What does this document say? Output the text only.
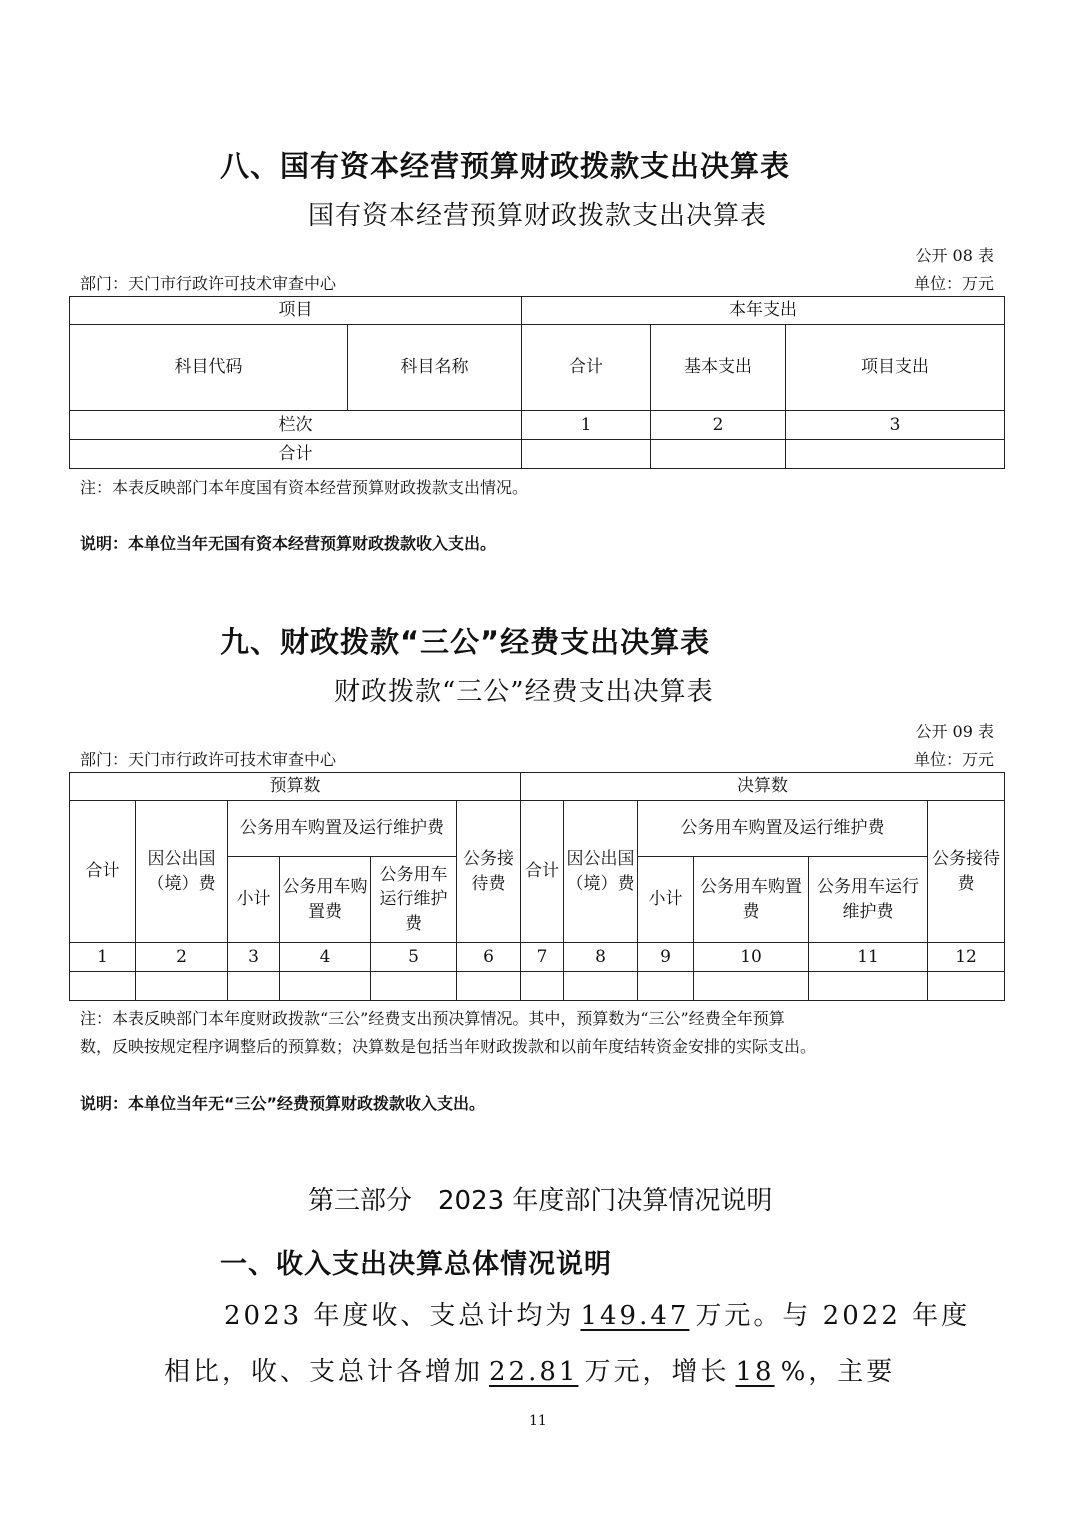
八、国有资本经营预算财政拨款支出决算表
国有资本经营预算财政拨款支出决算表
公开 08 表
部门：天门市行政许可技术审查中心	单位：万元
项目		本年支出		
科目代码	科目名称	合计	基本支出	项目支出
栏次		1	2	3
合计				
注：本表反映部门本年度国有资本经营预算财政拨款支出情况。
说明：本单位当年无国有资本经营预算财政拨款收入支出。
九、财政拨款“三公”经费支出决算表
财政拨款“三公”经费支出决算表
公开 09 表
部门：天门市行政许可技术审查中心	单位：万元
预算数						决算数					
合计	因公出国（境）费	公务用车购置及运行维护费			公务接待费	合计	因公出国（境）费	公务用车购置及运行维护费			公务接待费
		小计	公务用车购置费	公务用车运行维护费				小计	公务用车购置费	公务用车运行维护费	
1	2	3	4	5	6	7	8	9	10	11	12

注：本表反映部门本年度财政拨款“三公”经费支出预决算情况。其中，预算数为“三公”经费全年预算
数，反映按规定程序调整后的预算数；决算数是包括当年财政拨款和以前年度结转资金安排的实际支出。
说明：本单位当年无“三公”经费预算财政拨款收入支出。
第三部分　2023 年度部门决算情况说明
一、收入支出决算总体情况说明
2023 年度收、支总计均为 149.47 万元。与 2022 年度
相比，收、支总计各增加 22.81 万元，增长 18 %，主要
11
